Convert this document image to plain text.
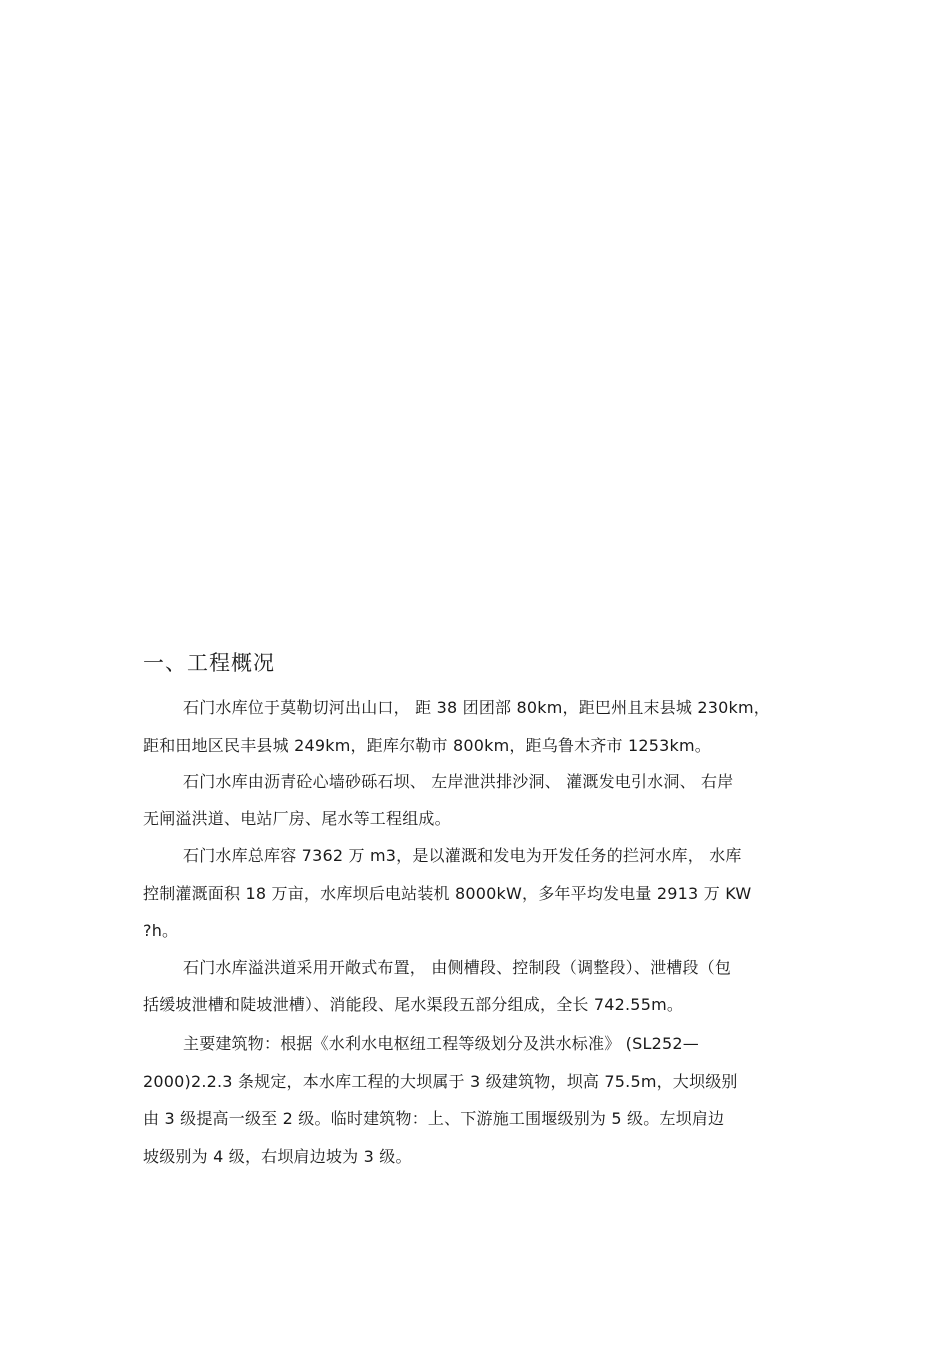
一、工程概况
石门水库位于莫勒切河出山口， 距 38 团团部 80km，距巴州且末县城 230km，
距和田地区民丰县城 249km，距库尔勒市 800km，距乌鲁木齐市 1253km。
石门水库由沥青砼心墙砂砾石坝、 左岸泄洪排沙洞、 灌溉发电引水洞、 右岸
无闸溢洪道、电站厂房、尾水等工程组成。
石门水库总库容 7362 万 m3，是以灌溉和发电为开发任务的拦河水库， 水库
控制灌溉面积 18 万亩，水库坝后电站装机 8000kW，多年平均发电量 2913 万 KW
?h。
石门水库溢洪道采用开敞式布置， 由侧槽段、控制段（调整段）、泄槽段（包
括缓坡泄槽和陡坡泄槽）、消能段、尾水渠段五部分组成，全长 742.55m。
主要建筑物：根据《水利水电枢纽工程等级划分及洪水标准》 (SL252—
2000)2.2.3 条规定，本水库工程的大坝属于 3 级建筑物，坝高 75.5m，大坝级别
由 3 级提高一级至 2 级。临时建筑物：上、下游施工围堰级别为 5 级。左坝肩边
坡级别为 4 级，右坝肩边坡为 3 级。
